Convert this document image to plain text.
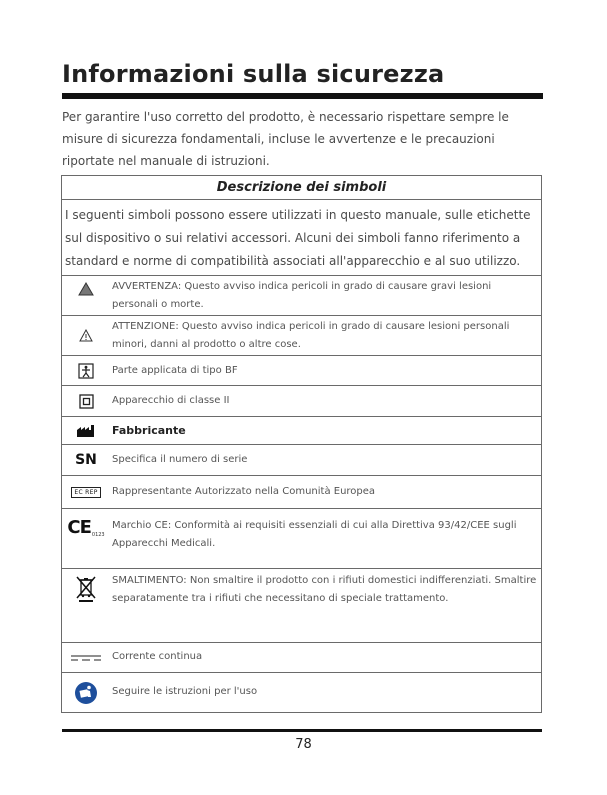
Informazioni sulla sicurezza
Per garantire l'uso corretto del prodotto, è necessario rispettare sempre le misure di sicurezza fondamentali, incluse le avvertenze e le precauzioni riportate nel manuale di istruzioni.
Descrizione dei simboli
I seguenti simboli possono essere utilizzati in questo manuale, sulle etichette sul dispositivo o sui relativi accessori. Alcuni dei simboli fanno riferimento a standard e norme di compatibilità associati all'apparecchio e al suo utilizzo.
AVVERTENZA: Questo avviso indica pericoli in grado di causare gravi lesioni personali o morte.
ATTENZIONE: Questo avviso indica pericoli in grado di causare lesioni personali minori, danni al prodotto o altre cose.
Parte applicata di tipo BF
Apparecchio di classe II
Fabbricante
SN Specifica il numero di serie
EC REP	Rappresentante Autorizzato nella Comunità Europea
CE 0123
Marchio CE: Conformità ai requisiti essenziali di cui alla Direttiva 93/42/CEE sugli Apparecchi Medicali.
SMALTIMENTO: Non smaltire il prodotto con i rifiuti domestici indifferenziati. Smaltire separatamente tra i rifiuti che necessitano di speciale trattamento.
Corrente continua
Seguire le istruzioni per l'uso
78
